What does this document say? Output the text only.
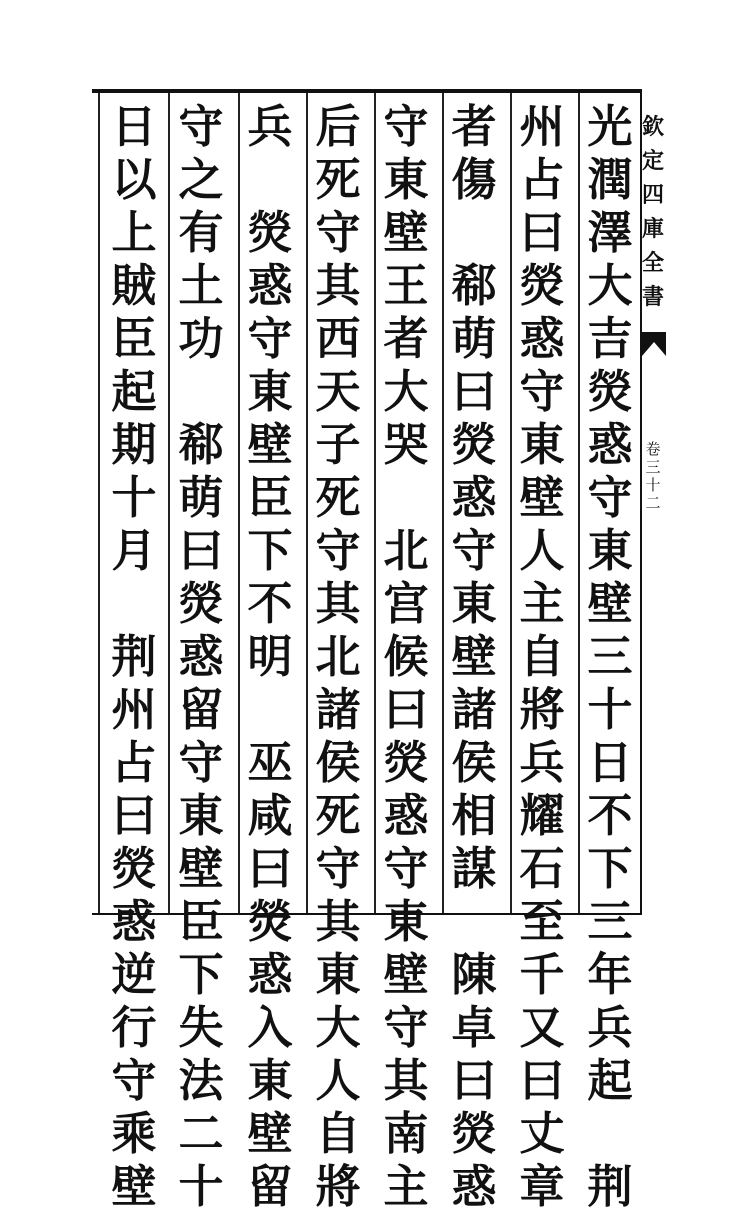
光
潤
澤
大
吉
熒
惑
守
東
壁
三
十
日
不
下
三
年
兵
起

荆
州
占
曰
熒
惑
守
東
壁
人
主
自
將
兵
耀
石
至
千
又
曰
丈
章
者
傷

郗
萌
曰
熒
惑
守
東
壁
諸
侯
相
謀

陳
卓
曰
熒
惑
守
東
壁
王
者
大
哭

北
宫
候
曰
熒
惑
守
東
壁
守
其
南
主
后
死
守
其
西
天
子
死
守
其
北
諸
侯
死
守
其
東
大
人
自
將
兵

熒
惑
守
東
壁
臣
下
不
明

巫
咸
曰
熒
惑
入
東
壁
留
守
之
有
土
功

郗
萌
曰
熒
惑
留
守
東
壁
臣
下
失
法
二
十
日
以
上
賊
臣
起
期
十
月

荆
州
占
曰
熒
惑
逆
行
守
乘
壁
欽
定
四
庫
全
書
卷
三
十
二
